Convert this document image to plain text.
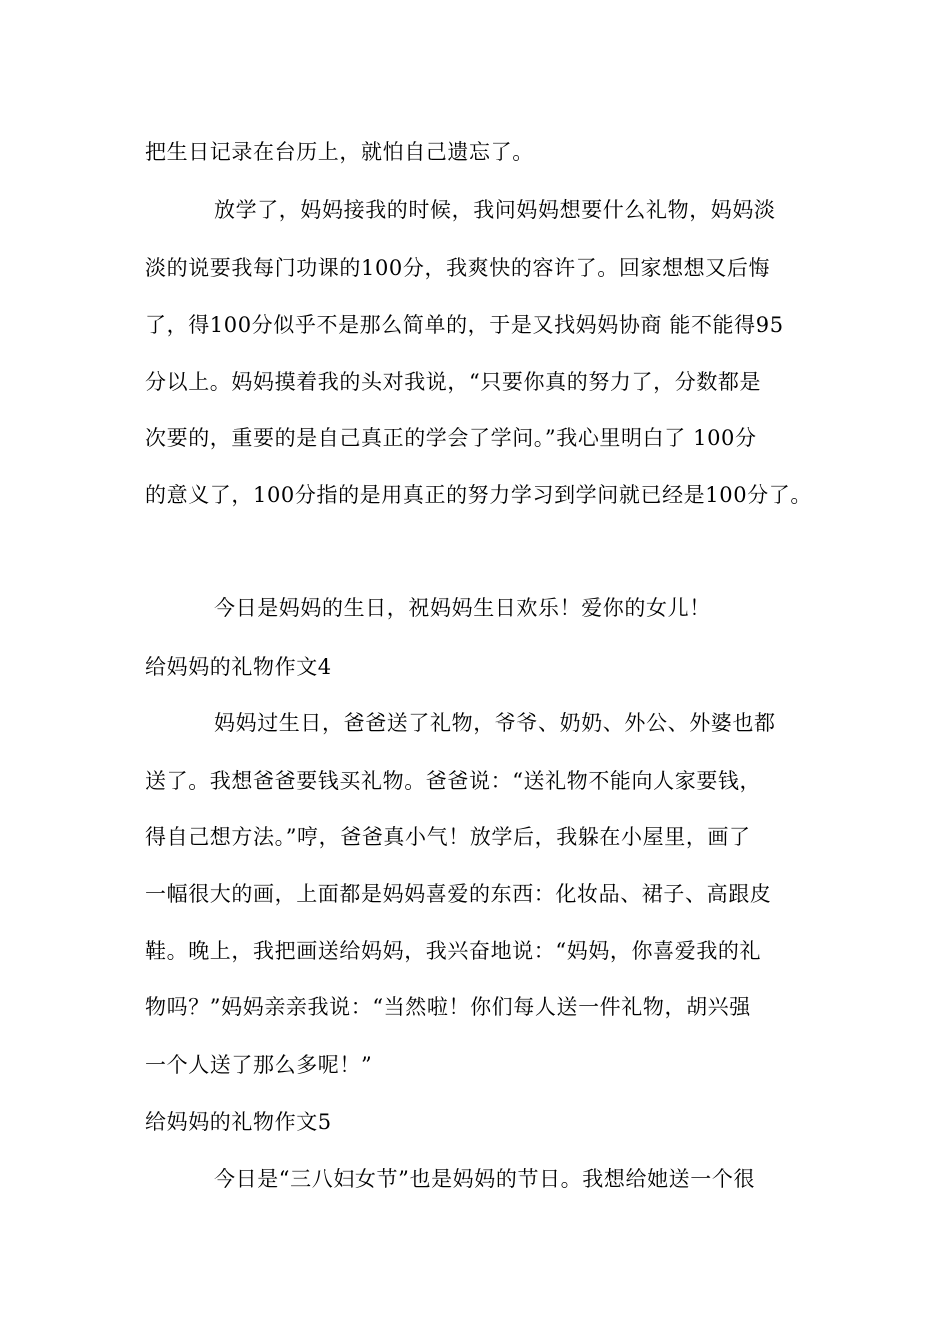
把生日记录在台历上，就怕自己遗忘了。
放学了，妈妈接我的时候，我问妈妈想要什么礼物，妈妈淡
淡的说要我每门功课的100分，我爽快的容许了。回家想想又后悔
了，得100分似乎不是那么简单的，于是又找妈妈协商 能不能得95
分以上。妈妈摸着我的头对我说，“只要你真的努力了，分数都是
次要的，重要的是自己真正的学会了学问。”我心里明白了 100分
的意义了，100分指的是用真正的努力学习到学问就已经是100分了。
今日是妈妈的生日，祝妈妈生日欢乐！爱你的女儿！
给妈妈的礼物作文4
妈妈过生日，爸爸送了礼物，爷爷、奶奶、外公、外婆也都
送了。我想爸爸要钱买礼物。爸爸说：“送礼物不能向人家要钱，
得自己想方法。”哼，爸爸真小气！放学后，我躲在小屋里，画了
一幅很大的画，上面都是妈妈喜爱的东西：化妆品、裙子、高跟皮
鞋。晚上，我把画送给妈妈，我兴奋地说：“妈妈，你喜爱我的礼
物吗？”妈妈亲亲我说：“当然啦！你们每人送一件礼物，胡兴强
一个人送了那么多呢！”
给妈妈的礼物作文5
今日是“三八妇女节”也是妈妈的节日。我想给她送一个很
